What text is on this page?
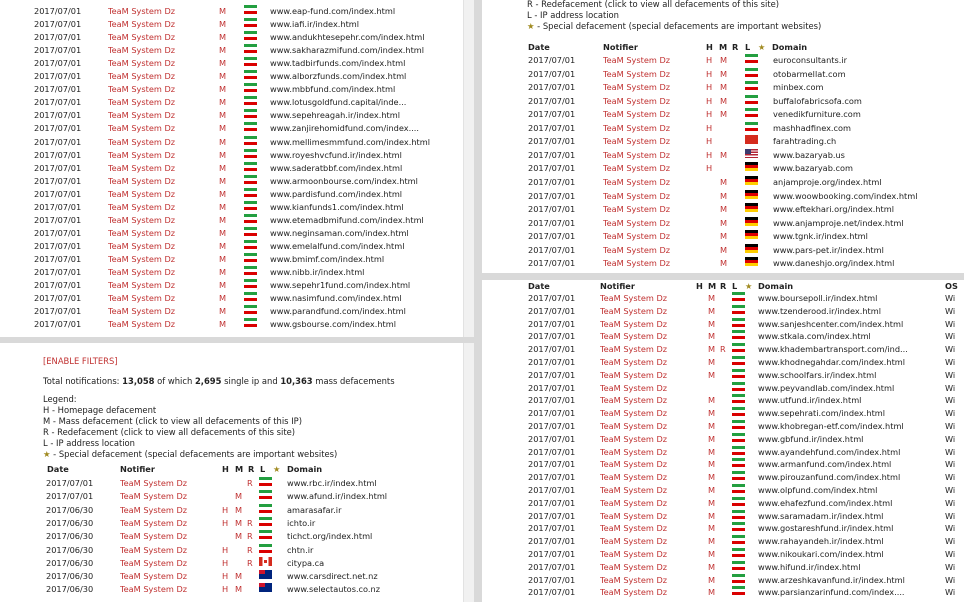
2017/07/01	TeaM System Dz	M	www.eap-fund.com/index.html
2017/07/01	TeaM System Dz	M	www.iafi.ir/index.html
2017/07/01	TeaM System Dz	M	www.andukhtesepehr.com/index.html
2017/07/01	TeaM System Dz	M	www.sakharazmifund.com/index.html
2017/07/01	TeaM System Dz	M	www.tadbirfunds.com/index.html
2017/07/01	TeaM System Dz	M	www.alborzfunds.com/index.html
2017/07/01	TeaM System Dz	M	www.mbbfund.com/index.html
2017/07/01	TeaM System Dz	M	www.lotusgoldfund.capital/inde...
2017/07/01	TeaM System Dz	M	www.sepehreagah.ir/index.html
2017/07/01	TeaM System Dz	M	www.zanjirehomidfund.com/index....
2017/07/01	TeaM System Dz	M	www.mellimesmmfund.com/index.html
2017/07/01	TeaM System Dz	M	www.royeshvcfund.ir/index.html
2017/07/01	TeaM System Dz	M	www.saderatbbf.com/index.html
2017/07/01	TeaM System Dz	M	www.armoonbourse.com/index.html
2017/07/01	TeaM System Dz	M	www.pardisfund.com/index.html
2017/07/01	TeaM System Dz	M	www.kianfunds1.com/index.html
2017/07/01	TeaM System Dz	M	www.etemadbmifund.com/index.html
2017/07/01	TeaM System Dz	M	www.neginsaman.com/index.html
2017/07/01	TeaM System Dz	M	www.emelalfund.com/index.html
2017/07/01	TeaM System Dz	M	www.bmimf.com/index.html
2017/07/01	TeaM System Dz	M	www.nibb.ir/index.html
2017/07/01	TeaM System Dz	M	www.sepehr1fund.com/index.html
2017/07/01	TeaM System Dz	M	www.nasimfund.com/index.html
2017/07/01	TeaM System Dz	M	www.parandfund.com/index.html
2017/07/01	TeaM System Dz	M	www.gsbourse.com/index.html
[ENABLE FILTERS]
Total notifications: 13,058 of which 2,695 single ip and 10,363 mass defacements
Legend:
H - Homepage defacement
M - Mass defacement (click to view all defacements of this IP)
R - Redefacement (click to view all defacements of this site)
L - IP address location
★ - Special defacement (special defacements are important websites)
Date	Notifier	H M R L ★ Domain
2017/07/01	TeaM System Dz	R	www.rbc.ir/index.html
2017/07/01	TeaM System Dz	M	www.afund.ir/index.html
2017/06/30	TeaM System Dz	H M	amarasafar.ir
2017/06/30	TeaM System Dz	H M R	ichto.ir
2017/06/30	TeaM System Dz	M R	tichct.org/index.html
2017/06/30	TeaM System Dz	H R	chtn.ir
2017/06/30	TeaM System Dz	H R	citypa.ca
2017/06/30	TeaM System Dz	H M	www.carsdirect.net.nz
2017/06/30	TeaM System Dz	H M	www.selectautos.co.nz
R - Redefacement (click to view all defacements of this site)
L - IP address location
★ - Special defacement (special defacements are important websites)
Date	Notifier	H M R L ★ Domain
2017/07/01	TeaM System Dz	H M	euroconsultants.ir
2017/07/01	TeaM System Dz	H M	otobarmellat.com
2017/07/01	TeaM System Dz	H M	minbex.com
2017/07/01	TeaM System Dz	H M	buffalofabricsofa.com
2017/07/01	TeaM System Dz	H M	venedikfurniture.com
2017/07/01	TeaM System Dz	H	mashhadfinex.com
2017/07/01	TeaM System Dz	H	farahtrading.ch
2017/07/01	TeaM System Dz	H M	www.bazaryab.us
2017/07/01	TeaM System Dz	H	www.bazaryab.com
2017/07/01	TeaM System Dz	M	anjamproje.org/index.html
2017/07/01	TeaM System Dz	M	www.woowbooking.com/index.html
2017/07/01	TeaM System Dz	M	www.eftekhari.org/index.html
2017/07/01	TeaM System Dz	M	www.anjamproje.net/index.html
2017/07/01	TeaM System Dz	M	www.tgnk.ir/index.html
2017/07/01	TeaM System Dz	M	www.pars-pet.ir/index.html
2017/07/01	TeaM System Dz	M	www.daneshjo.org/index.html
Date	Notifier	H M R L ★ Domain	OS
2017/07/01	TeaM System Dz	M	www.boursepoll.ir/index.html	Wi
2017/07/01	TeaM System Dz	M	www.tzenderood.ir/index.html	Wi
2017/07/01	TeaM System Dz	M	www.sanjeshcenter.com/index.html	Wi
2017/07/01	TeaM System Dz	M	www.stkala.com/index.html	Wi
2017/07/01	TeaM System Dz	M R	www.khadembartransport.com/ind...	Wi
2017/07/01	TeaM System Dz	M	www.khodnegahdar.com/index.html	Wi
2017/07/01	TeaM System Dz	M	www.schoolfars.ir/index.html	Wi
2017/07/01	TeaM System Dz	www.peyvandlab.com/index.html	Wi
2017/07/01	TeaM System Dz	M	www.utfund.ir/index.html	Wi
2017/07/01	TeaM System Dz	M	www.sepehrati.com/index.html	Wi
2017/07/01	TeaM System Dz	M	www.khobregan-etf.com/index.html	Wi
2017/07/01	TeaM System Dz	M	www.gbfund.ir/index.html	Wi
2017/07/01	TeaM System Dz	M	www.ayandehfund.com/index.html	Wi
2017/07/01	TeaM System Dz	M	www.armanfund.com/index.html	Wi
2017/07/01	TeaM System Dz	M	www.pirouzanfund.com/index.html	Wi
2017/07/01	TeaM System Dz	M	www.olpfund.com/index.html	Wi
2017/07/01	TeaM System Dz	M	www.ehafezfund.com/index.html	Wi
2017/07/01	TeaM System Dz	M	www.saramadam.ir/index.html	Wi
2017/07/01	TeaM System Dz	M	www.gostareshfund.ir/index.html	Wi
2017/07/01	TeaM System Dz	M	www.rahayandeh.ir/index.html	Wi
2017/07/01	TeaM System Dz	M	www.nikoukari.com/index.html	Wi
2017/07/01	TeaM System Dz	M	www.hifund.ir/index.html	Wi
2017/07/01	TeaM System Dz	M	www.arzeshkavanfund.ir/index.html	Wi
2017/07/01	TeaM System Dz	M	www.parsianzarinfund.com/index....	Wi
